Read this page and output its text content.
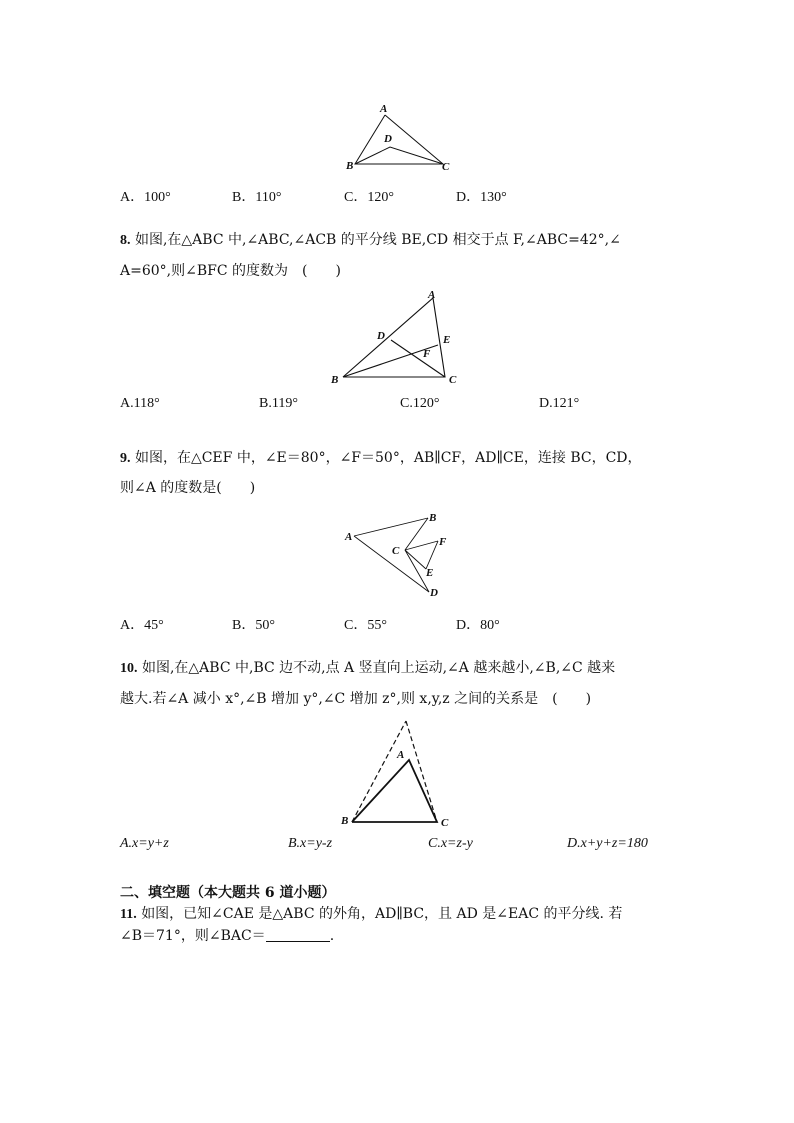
A
D
B	C
A．100°	B．110°	C．120°	D．130°
8. 如图,在△ABC 中,∠ABC,∠ACB 的平分线 BE,CD 相交于点 F,∠ABC=42°,∠
A=60°,则∠BFC 的度数为　(　　)
A
D	E
F
B	C
A.118°	B.119°	C.120°	D.121°
9. 如图，在△CEF 中，∠E＝80°，∠F＝50°，AB∥CF，AD∥CE，连接 BC，CD，
则∠A 的度数是(　　)
A
B
C
F
E
D
A．45°	B．50°	C．55°	D．80°
10. 如图,在△ABC 中,BC 边不动,点 A 竖直向上运动,∠A 越来越小,∠B,∠C 越来
越大.若∠A 减小 x°,∠B 增加 y°,∠C 增加 z°,则 x,y,z 之间的关系是　(　　)
A
B	C
A.x=y+z	B.x=y-z	C.x=z-y	D.x+y+z=180
二、填空题（本大题共 6 道小题）
11. 如图，已知∠CAE 是△ABC 的外角，AD∥BC，且 AD 是∠EAC 的平分线. 若
∠B＝71°，则∠BAC＝	.
